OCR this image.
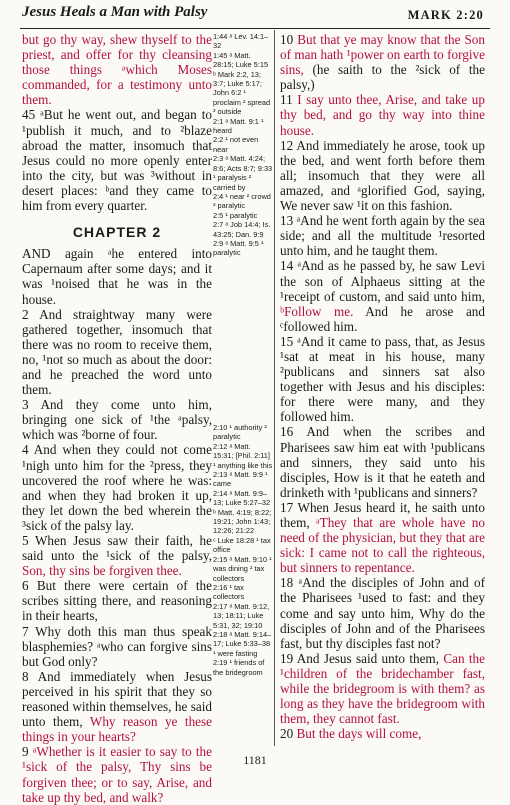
Jesus Heals a Man with Palsy	MARK 2:20

but go thy way, shew thyself to the priest, and offer for thy cleansing those things ᵃwhich Moses commanded, for a testimony unto them.

45 ᵃBut he went out, and began to ¹publish it much, and to ²blaze abroad the matter, insomuch that Jesus could no more openly enter into the city, but was ³without in desert places: ᵇand they came to him from every quarter.

CHAPTER 2

AND again ᵃhe entered into Capernaum after some days; and it was ¹noised that he was in the house.

2 And straightway many were gathered together, insomuch that there was no room to receive them, no, ¹not so much as about the door: and he preached the word unto them.

3 And they come unto him, bringing one sick of ¹the ᵃpalsy, which was ²borne of four.

4 And when they could not come ¹nigh unto him for the ²press, they uncovered the roof where he was: and when they had broken it up, they let down the bed wherein the ³sick of the palsy lay.

5 When Jesus saw their faith, he said unto the ¹sick of the palsy, Son, thy sins be forgiven thee.

6 But there were certain of the scribes sitting there, and reasoning in their hearts,

7 Why doth this man thus speak blasphemies? ᵃwho can forgive sins but God only?

8 And immediately when Jesus perceived in his spirit that they so reasoned within themselves, he said unto them, Why reason ye these things in your hearts?

9 ᵃWhether is it easier to say to the ¹sick of the palsy, Thy sins be forgiven thee; or to say, Arise, and take up thy bed, and walk?

1:44 ᵃ Lev. 14:1–32
1:45 ᵃ Matt. 28:15; Luke 5:15
ᵇ Mark 2:2, 13; 3:7; Luke 5:17; John 6:2 ¹ proclaim ² spread ³ outside
2:1 ᵃ Matt. 9:1 ¹ heard
2:2 ¹ not even near
2:3 ᵃ Matt. 4:24; 8:6; Acts 8:7; 9:33 ¹ paralysis ² carried by
2:4 ¹ near ² crowd ³ paralytic
2:5 ¹ paralytic
2:7 ᵃ Job 14:4; Is. 43:25; Dan. 9:9
2:9 ᵃ Matt. 9:5 ¹ paralytic
2:10 ¹ authority ² paralytic
2:12 ᵃ Matt. 15:31; [Phil. 2:11] ¹ anything like this
2:13 ᵃ Matt. 9:9 ¹ came
2:14 ᵃ Matt. 9:9–13; Luke 5:27–32
ᵇ Matt. 4:19; 8:22; 19:21; John 1:43; 12:26; 21:22
ᶜ Luke 18:28 ¹ tax office
2:15 ᵃ Matt. 9:10 ¹ was dining ² tax collectors
2:16 ¹ tax collectors
2:17 ᵃ Matt. 9:12, 13; 18:11; Luke 5:31, 32; 19:10
2:18 ᵃ Matt. 9:14–17; Luke 5:33–38 ¹ were fasting
2:19 ¹ friends of the bridegroom

10 But that ye may know that the Son of man hath ¹power on earth to forgive sins, (he saith to the ²sick of the palsy,)

11 I say unto thee, Arise, and take up thy bed, and go thy way into thine house.

12 And immediately he arose, took up the bed, and went forth before them all; insomuch that they were all amazed, and ᵃglorified God, saying, We never saw ¹it on this fashion.

13 ᵃAnd he went forth again by the sea side; and all the multitude ¹resorted unto him, and he taught them.

14 ᵃAnd as he passed by, he saw Levi the son of Alphaeus sitting at the ¹receipt of custom, and said unto him, ᵇFollow me. And he arose and ᶜfollowed him.

15 ᵃAnd it came to pass, that, as Jesus ¹sat at meat in his house, many ²publicans and sinners sat also together with Jesus and his disciples: for there were many, and they followed him.

16 And when the scribes and Pharisees saw him eat with ¹publicans and sinners, they said unto his disciples, How is it that he eateth and drinketh with ¹publicans and sinners?

17 When Jesus heard it, he saith unto them, ᵃThey that are whole have no need of the physician, but they that are sick: I came not to call the righteous, but sinners to repentance.

18 ᵃAnd the disciples of John and of the Pharisees ¹used to fast: and they come and say unto him, Why do the disciples of John and of the Pharisees fast, but thy disciples fast not?

19 And Jesus said unto them, Can the ¹children of the bridechamber fast, while the bridegroom is with them? as long as they have the bridegroom with them, they cannot fast.

20 But the days will come,

1181
